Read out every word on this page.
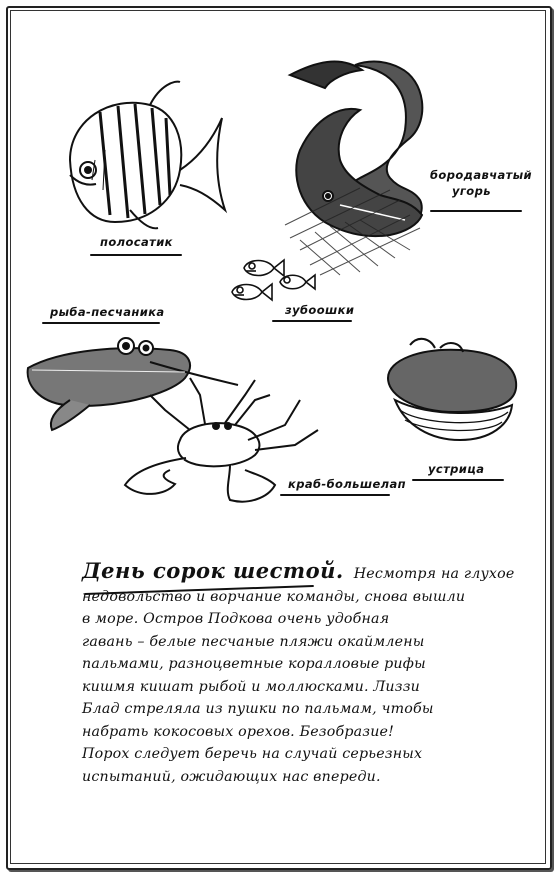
полосатик
бородавчатый
угорь
зубоошки
рыба-песчаника
устрица
краб-большелап
День сорок шестой. Несмотря на глухое
недовольство и ворчание команды, снова вышли
в море. Остров Подкова очень удобная
гавань – белые песчаные пляжи окаймлены
пальмами, разноцветные коралловые рифы
кишмя кишат рыбой и моллюсками. Лиззи
Блад стреляла из пушки по пальмам, чтобы
набрать кокосовых орехов. Безобразие!
Порох следует беречь на случай серьезных
испытаний, ожидающих нас впереди.
